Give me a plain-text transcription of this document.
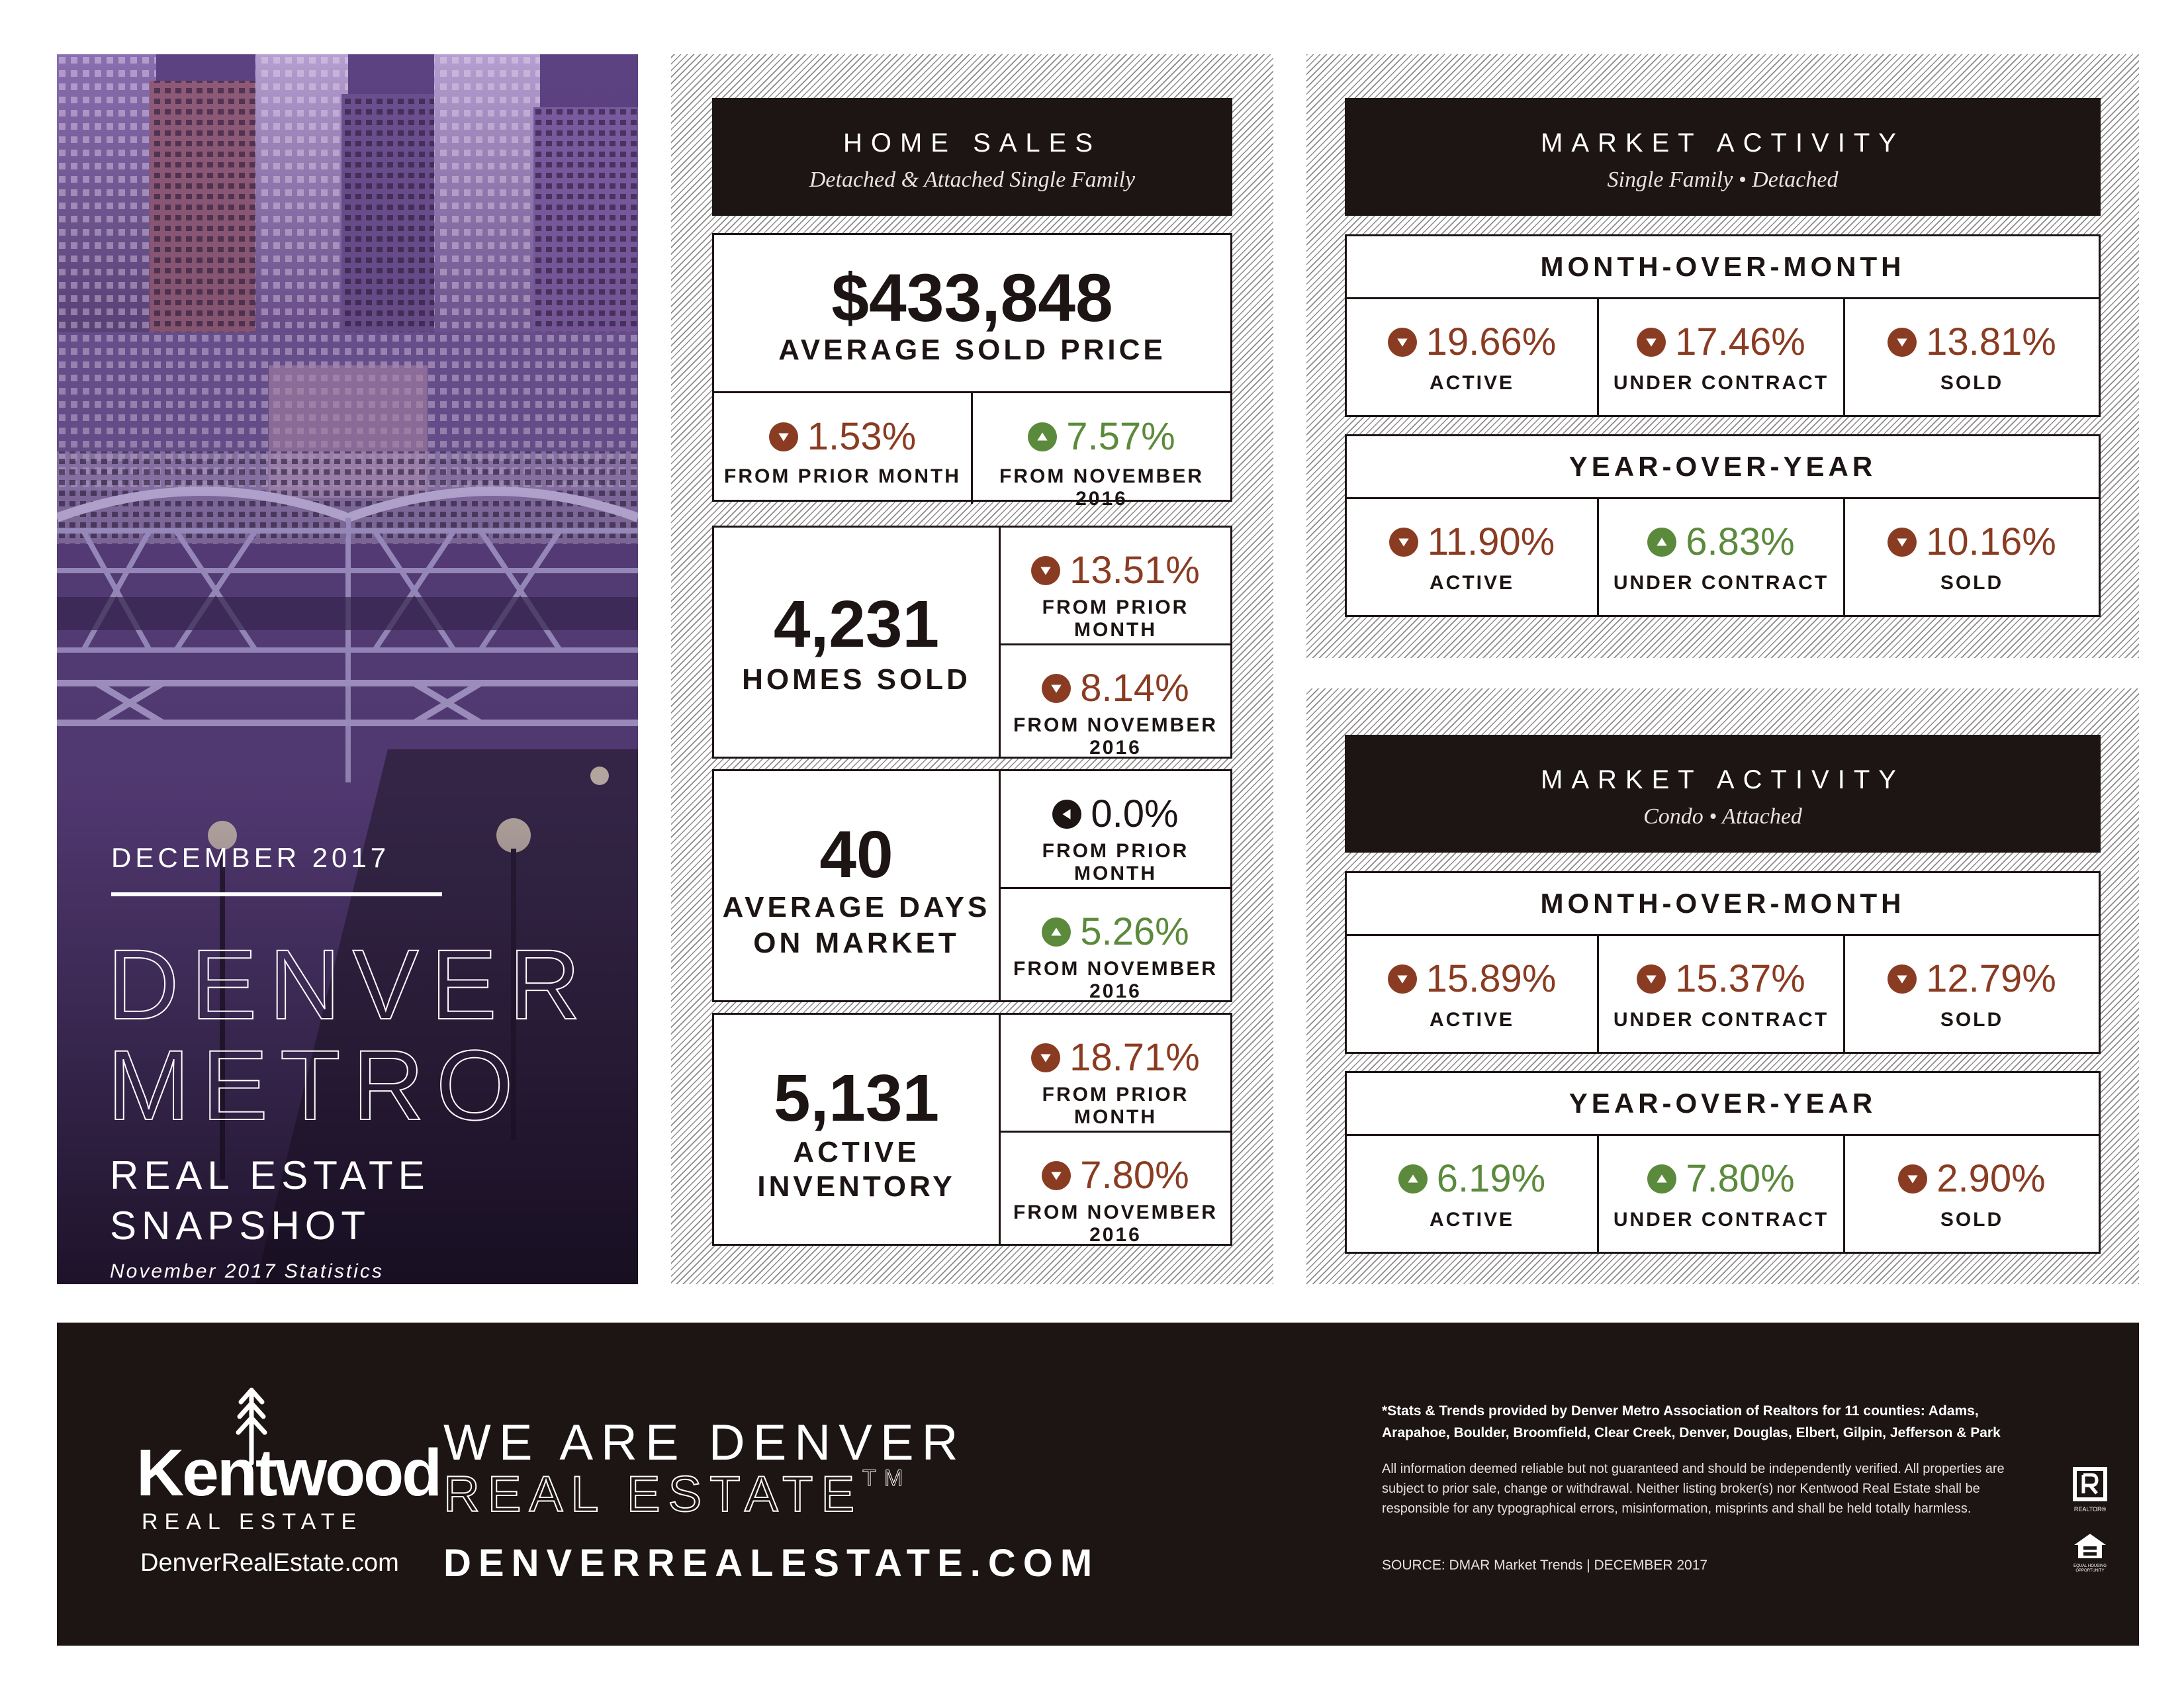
DECEMBER 2017
DENVER
METRO
REAL ESTATE
SNAPSHOT
November 2017 Statistics
HOME SALES
Detached & Attached Single Family
$433,848
AVERAGE SOLD PRICE
1.53%
FROM PRIOR MONTH
7.57%
FROM NOVEMBER 2016
4,231
HOMES SOLD
13.51%
FROM PRIOR MONTH
8.14%
FROM NOVEMBER 2016
40
AVERAGE DAYS
ON MARKET
0.0%
FROM PRIOR MONTH
5.26%
FROM NOVEMBER 2016
5,131
ACTIVE
INVENTORY
18.71%
FROM PRIOR MONTH
7.80%
FROM NOVEMBER 2016
MARKET ACTIVITY
Single Family • Detached
MONTH-OVER-MONTH
19.66%
ACTIVE
17.46%
UNDER CONTRACT
13.81%
SOLD
YEAR-OVER-YEAR
11.90%
ACTIVE
6.83%
UNDER CONTRACT
10.16%
SOLD
MARKET ACTIVITY
Condo • Attached
MONTH-OVER-MONTH
15.89%
ACTIVE
15.37%
UNDER CONTRACT
12.79%
SOLD
YEAR-OVER-YEAR
6.19%
ACTIVE
7.80%
UNDER CONTRACT
2.90%
SOLD
Kentwood
REAL ESTATE
DenverRealEstate.com
WE ARE DENVER
REAL ESTATE™
DENVERREALESTATE.COM
*Stats & Trends provided by Denver Metro Association of Realtors for 11 counties: Adams, Arapahoe, Boulder, Broomfield, Clear Creek, Denver, Douglas, Elbert, Gilpin, Jefferson & Park
All information deemed reliable but not guaranteed and should be independently verified. All properties are subject to prior sale, change or withdrawal. Neither listing broker(s) nor Kentwood Real Estate shall be responsible for any typographical errors, misinformation, misprints and shall be held totally harmless.
SOURCE: DMAR Market Trends | DECEMBER 2017
REALTOR®
EQUAL HOUSING OPPORTUNITY
